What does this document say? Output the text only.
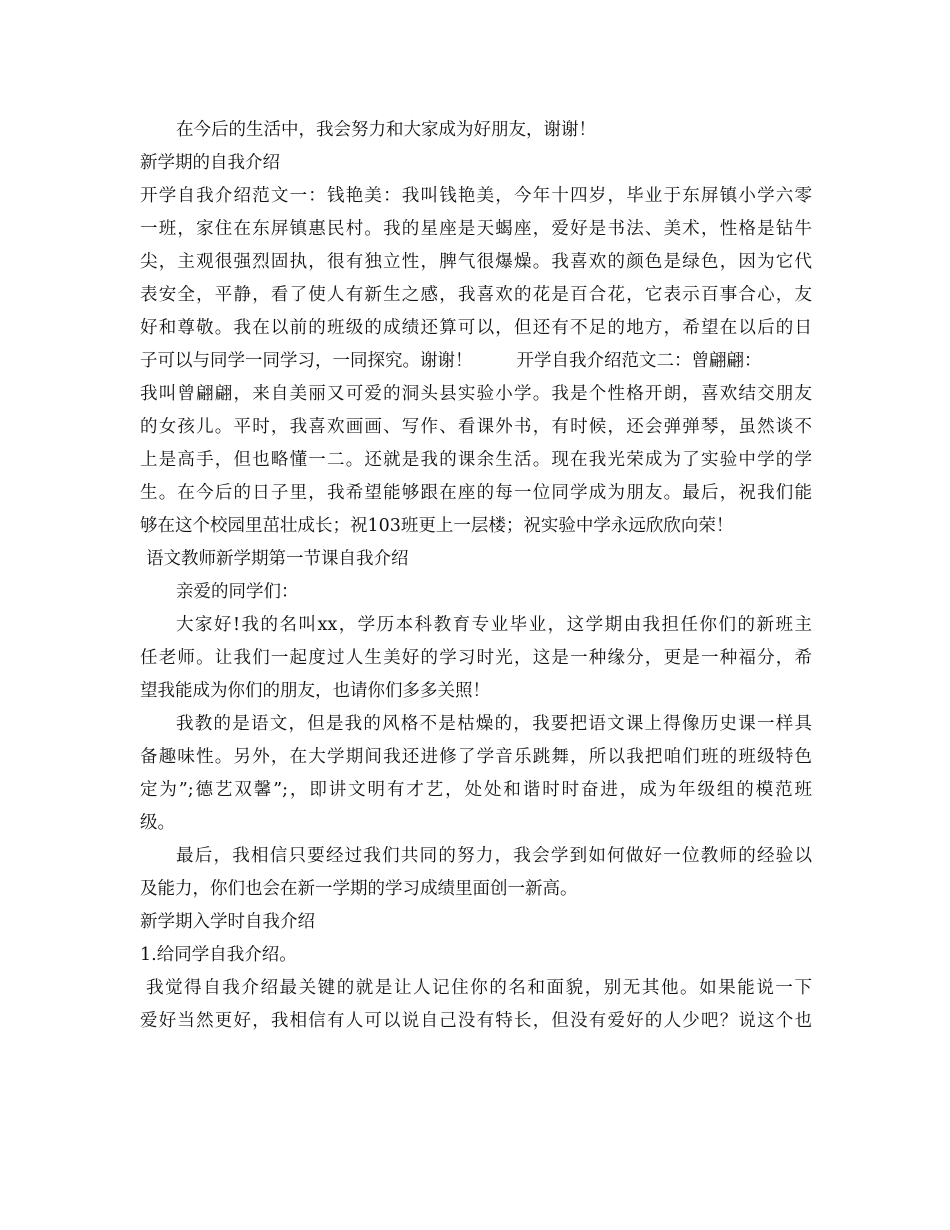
在今后的生活中，我会努力和大家成为好朋友，谢谢！
新学期的自我介绍
开学自我介绍范文一：钱艳美：我叫钱艳美，今年十四岁，毕业于东屏镇小学六零
一班，家住在东屏镇惠民村。我的星座是天蝎座，爱好是书法、美术，性格是钻牛
尖，主观很强烈固执，很有独立性，脾气很爆燥。我喜欢的颜色是绿色，因为它代
表安全，平静，看了使人有新生之感，我喜欢的花是百合花，它表示百事合心，友
好和尊敬。我在以前的班级的成绩还算可以，但还有不足的地方，希望在以后的日
子可以与同学一同学习，一同探究。谢谢！	开学自我介绍范文二：曾翩翩：
我叫曾翩翩，来自美丽又可爱的洞头县实验小学。我是个性格开朗，喜欢结交朋友
的女孩儿。平时，我喜欢画画、写作、看课外书，有时候，还会弹弹琴，虽然谈不
上是高手，但也略懂一二。还就是我的课余生活。现在我光荣成为了实验中学的学
生。在今后的日子里，我希望能够跟在座的每一位同学成为朋友。最后，祝我们能
够在这个校园里茁壮成长；祝103班更上一层楼；祝实验中学永远欣欣向荣！
语文教师新学期第一节课自我介绍
亲爱的同学们：
大家好!我的名叫xx，学历本科教育专业毕业，这学期由我担任你们的新班主
任老师。让我们一起度过人生美好的学习时光，这是一种缘分，更是一种福分，希
望我能成为你们的朋友，也请你们多多关照！
我教的是语文，但是我的风格不是枯燥的，我要把语文课上得像历史课一样具
备趣味性。另外，在大学期间我还进修了学音乐跳舞，所以我把咱们班的班级特色
定为”;德艺双馨”;，即讲文明有才艺，处处和谐时时奋进，成为年级组的模范班
级。
最后，我相信只要经过我们共同的努力，我会学到如何做好一位教师的经验以
及能力，你们也会在新一学期的学习成绩里面创一新高。
新学期入学时自我介绍
1.给同学自我介绍。
我觉得自我介绍最关键的就是让人记住你的名和面貌，别无其他。如果能说一下
爱好当然更好，我相信有人可以说自己没有特长，但没有爱好的人少吧？说这个也
